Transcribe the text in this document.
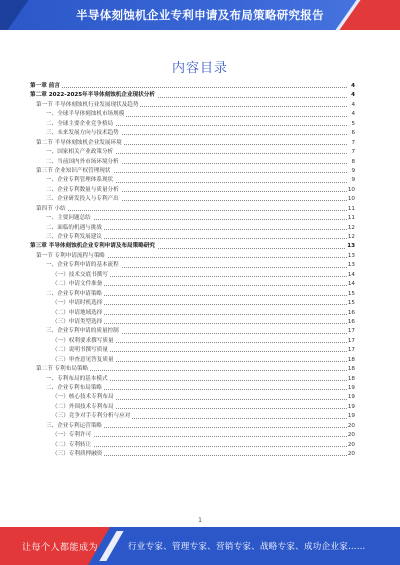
半导体刻蚀机企业专利申请及布局策略研究报告
内容目录
第一章 前言	4
第二章 2022-2025年半导体刻蚀机企业现状分析	4
第一节 半导体刻蚀机行业发展现状及趋势	4
一、全球半导体刻蚀机市场规模	4
二、全球主要企业竞争格局	5
三、未来发展方向与技术趋势	6
第二节 半导体刻蚀机企业发展环境	7
一、国家相关产业政策分析	7
二、当前国内外市场环境分析	8
第三节 企业知识产权管理现状	9
一、企业专利管理体系现状	9
二、企业专利数量与质量分析	10
三、企业研发投入与专利产出	10
第四节 小结	11
一、主要问题总结	11
二、面临的机遇与挑战	12
三、企业专利发展建议	12
第三章 半导体刻蚀机企业专利申请及布局策略研究	13
第一节 专利申请流程与策略	13
一、企业专利申请的基本流程	13
（一）技术交底书撰写	14
（二）申请文件准备	14
二、企业专利申请策略	15
（一）申请时机选择	15
（二）申请地域选择	16
（三）申请类型选择	16
三、企业专利申请的质量控制	17
（一）权利要求撰写质量	17
（二）说明书撰写质量	17
（三）审查意见答复质量	18
第二节 专利布局策略	18
一、专利布局的基本模式	18
二、企业专利布局策略	19
（一）核心技术专利布局	19
（二）外围技术专利布局	19
（三）竞争对手专利分析与应对	19
三、企业专利运营策略	20
（一）专利许可	20
（二）专利转让	20
（三）专利质押融资	20
1
让每个人都能成为	行业专家、管理专家、营销专家、战略专家、成功企业家……
